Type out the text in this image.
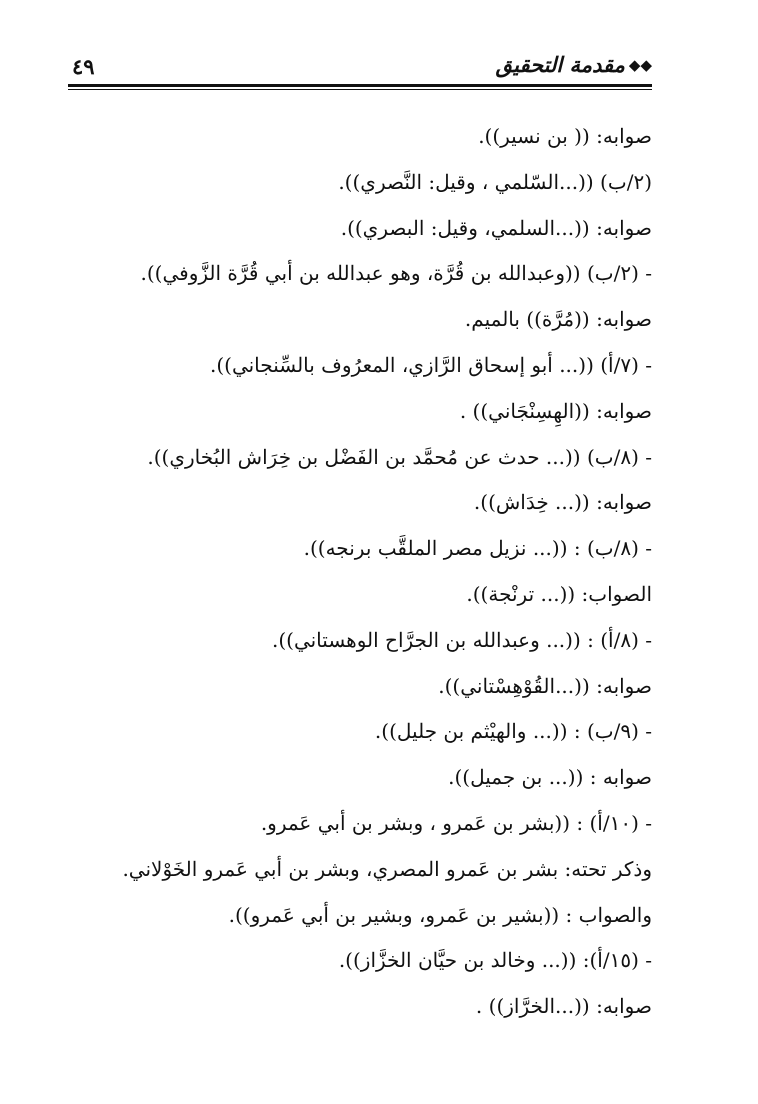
٤٩	◆◆مقدمة التحقيق
صوابه: (( بن نسير)).
(٢/ب) ((...السّلمي ، وقيل: النَّصري)).
صوابه: ((...السلمي، وقيل: البصري)).
- (٢/ب) ((وعبدالله بن قُرَّة، وهو عبدالله بن أبي قُرَّة الزَّوفي)).
صوابه: ((مُرَّة)) بالميم.
- (٧/أ) ((... أبو إسحاق الرَّازي، المعرُوف بالسِّنجاني)).
صوابه: ((الهِسِنْجَاني)) .
- (٨/ب) ((... حدث عن مُحمَّد بن الفَضْل بن خِرَاش البُخاري)).
صوابه: ((... خِدَاش)).
- (٨/ب) : ((... نزيل مصر الملقَّب برنجه)).
الصواب: ((... ترنْجة)).
- (٨/أ) : ((... وعبدالله بن الجرَّاح الوهستاني)).
صوابه: ((...القُوْهِسْتاني)).
- (٩/ب) : ((... والهيْثم بن جليل)).
صوابه : ((... بن جميل)).
- (١٠/أ) : ((بشر بن عَمرو ، وبشر بن أبي عَمرو.
وذكر تحته: بشر بن عَمرو المصري، وبشر بن أبي عَمرو الخَوْلاني.
والصواب : ((بشير بن عَمرو، وبشير بن أبي عَمرو)).
- (١٥/أ): ((... وخالد بن حيَّان الخزَّاز)).
صوابه: ((...الخرَّاز)) .
